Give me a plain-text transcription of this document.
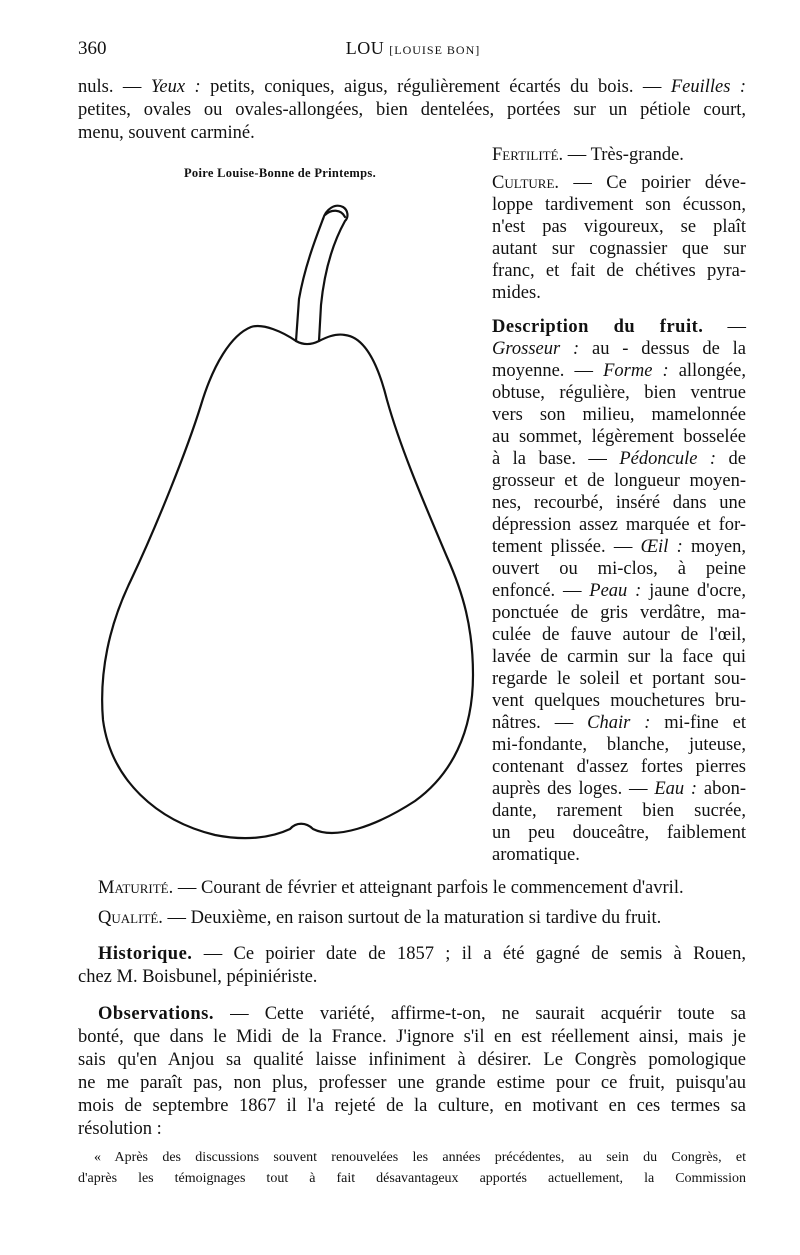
360	LOU [LOUISE BON]
nuls. — Yeux : petits, coniques, aigus, régulièrement écartés du bois. — Feuilles :
petites, ovales ou ovales-allongées, bien dentelées, portées sur un pétiole court,
menu, souvent carminé.
Poire Louise-Bonne de Printemps.
Fertilité. — Très-grande.
Culture. — Ce poirier déve-
loppe tardivement son écusson,
n'est pas vigoureux, se plaît
autant sur cognassier que sur
franc, et fait de chétives pyra-
mides.
Description du fruit. —
Grosseur : au - dessus de la
moyenne. — Forme : allongée,
obtuse, régulière, bien ventrue
vers son milieu, mamelonnée
au sommet, légèrement bosselée
à la base. — Pédoncule : de
grosseur et de longueur moyen-
nes, recourbé, inséré dans une
dépression assez marquée et for-
tement plissée. — Œil : moyen,
ouvert ou mi-clos, à peine
enfoncé. — Peau : jaune d'ocre,
ponctuée de gris verdâtre, ma-
culée de fauve autour de l'œil,
lavée de carmin sur la face qui
regarde le soleil et portant sou-
vent quelques mouchetures bru-
nâtres. — Chair : mi-fine et
mi-fondante, blanche, juteuse,
contenant d'assez fortes pierres
auprès des loges. — Eau : abon-
dante, rarement bien sucrée,
un peu douceâtre, faiblement
aromatique.
Maturité. — Courant de février et atteignant parfois le commencement d'avril.
Qualité. — Deuxième, en raison surtout de la maturation si tardive du fruit.
Historique. — Ce poirier date de 1857 ; il a été gagné de semis à Rouen,
chez M. Boisbunel, pépiniériste.
Observations. — Cette variété, affirme-t-on, ne saurait acquérir toute sa
bonté, que dans le Midi de la France. J'ignore s'il en est réellement ainsi, mais je
sais qu'en Anjou sa qualité laisse infiniment à désirer. Le Congrès pomologique
ne me paraît pas, non plus, professer une grande estime pour ce fruit, puisqu'au
mois de septembre 1867 il l'a rejeté de la culture, en motivant en ces termes sa
résolution :
« Après des discussions souvent renouvelées les années précédentes, au sein du Congrès, et
d'après les témoignages tout à fait désavantageux apportés actuellement, la Commission
